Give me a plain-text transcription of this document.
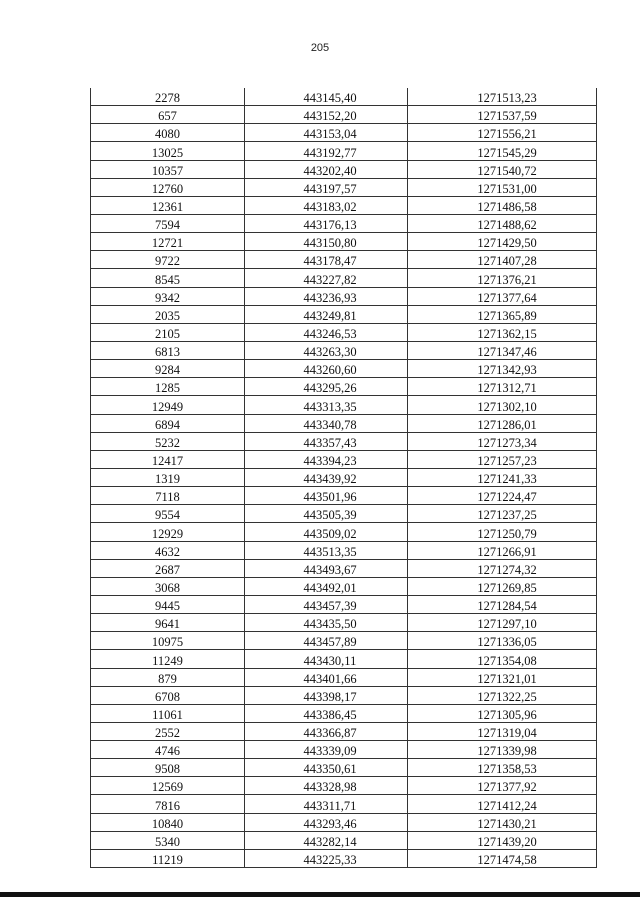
205
2278	443145,40	1271513,23
657	443152,20	1271537,59
4080	443153,04	1271556,21
13025	443192,77	1271545,29
10357	443202,40	1271540,72
12760	443197,57	1271531,00
12361	443183,02	1271486,58
7594	443176,13	1271488,62
12721	443150,80	1271429,50
9722	443178,47	1271407,28
8545	443227,82	1271376,21
9342	443236,93	1271377,64
2035	443249,81	1271365,89
2105	443246,53	1271362,15
6813	443263,30	1271347,46
9284	443260,60	1271342,93
1285	443295,26	1271312,71
12949	443313,35	1271302,10
6894	443340,78	1271286,01
5232	443357,43	1271273,34
12417	443394,23	1271257,23
1319	443439,92	1271241,33
7118	443501,96	1271224,47
9554	443505,39	1271237,25
12929	443509,02	1271250,79
4632	443513,35	1271266,91
2687	443493,67	1271274,32
3068	443492,01	1271269,85
9445	443457,39	1271284,54
9641	443435,50	1271297,10
10975	443457,89	1271336,05
11249	443430,11	1271354,08
879	443401,66	1271321,01
6708	443398,17	1271322,25
11061	443386,45	1271305,96
2552	443366,87	1271319,04
4746	443339,09	1271339,98
9508	443350,61	1271358,53
12569	443328,98	1271377,92
7816	443311,71	1271412,24
10840	443293,46	1271430,21
5340	443282,14	1271439,20
11219	443225,33	1271474,58
